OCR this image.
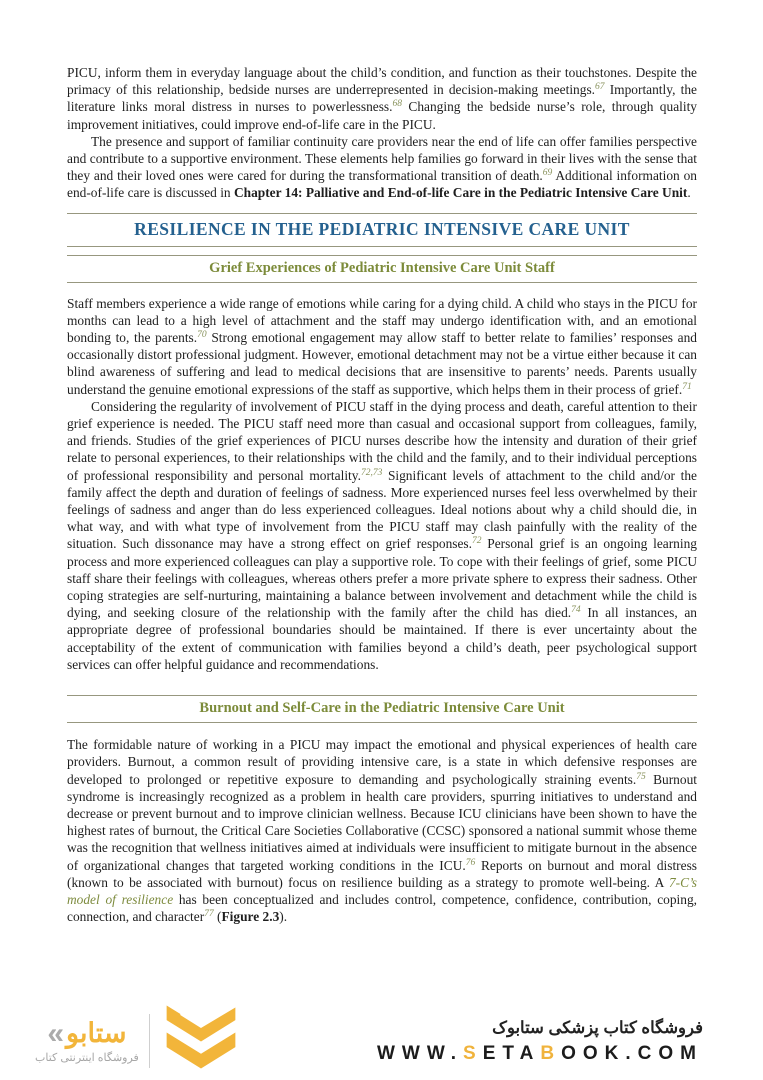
PICU, inform them in everyday language about the child’s condition, and function as their touchstones. Despite the primacy of this relationship, bedside nurses are underrepresented in decision-making meetings.$^{67}$ Importantly, the literature links moral distress in nurses to powerlessness.$^{68}$ Changing the bedside nurse’s role, through quality improvement initiatives, could improve end-of-life care in the PICU.

The presence and support of familiar continuity care providers near the end of life can offer families perspective and contribute to a supportive environment. These elements help families go forward in their lives with the sense that they and their loved ones were cared for during the transformational transition of death.$^{69}$ Additional information on end-of-life care is discussed in Chapter 14: Palliative and End-of-life Care in the Pediatric Intensive Care Unit.

RESILIENCE IN THE PEDIATRIC INTENSIVE CARE UNIT
Grief Experiences of Pediatric Intensive Care Unit Staff

Staff members experience a wide range of emotions while caring for a dying child. A child who stays in the PICU for months can lead to a high level of attachment and the staff may undergo identification with, and an emotional bonding to, the parents.$^{70}$ Strong emotional engagement may allow staff to better relate to families’ responses and occasionally distort professional judgment. However, emotional detachment may not be a virtue either because it can blind awareness of suffering and lead to medical decisions that are insensitive to parents’ needs. Parents usually understand the genuine emotional expressions of the staff as supportive, which helps them in their process of grief.$^{71}$

Considering the regularity of involvement of PICU staff in the dying process and death, careful attention to their grief experience is needed. The PICU staff need more than casual and occasional support from colleagues, family, and friends. Studies of the grief experiences of PICU nurses describe how the intensity and duration of their grief relate to personal experiences, to their relationships with the child and the family, and to their individual perceptions of professional responsibility and personal mortality.$^{72,73}$ Significant levels of attachment to the child and/or the family affect the depth and duration of feelings of sadness. More experienced nurses feel less overwhelmed by their feelings of sadness and anger than do less experienced colleagues. Ideal notions about why a child should die, in what way, and with what type of involvement from the PICU staff may clash painfully with the reality of the situation. Such dissonance may have a strong effect on grief responses.$^{72}$ Personal grief is an ongoing learning process and more experienced colleagues can play a supportive role. To cope with their feelings of grief, some PICU staff share their feelings with colleagues, whereas others prefer a more private sphere to express their sadness. Other coping strategies are self-nurturing, maintaining a balance between involvement and detachment while the child is dying, and seeking closure of the relationship with the family after the child has died.$^{74}$ In all instances, an appropriate degree of professional boundaries should be maintained. If there is ever uncertainty about the acceptability of the extent of communication with families beyond a child’s death, peer psychological support services can offer helpful guidance and recommendations.

Burnout and Self-Care in the Pediatric Intensive Care Unit

The formidable nature of working in a PICU may impact the emotional and physical experiences of health care providers. Burnout, a common result of providing intensive care, is a state in which defensive responses are developed to prolonged or repetitive exposure to demanding and psychologically straining events.$^{75}$ Burnout syndrome is increasingly recognized as a problem in health care providers, spurring initiatives to understand and decrease or prevent burnout and to improve clinician wellness. Because ICU clinicians have been shown to have the highest rates of burnout, the Critical Care Societies Collaborative (CCSC) sponsored a national summit whose theme was the recognition that wellness initiatives aimed at individuals were insufficient to mitigate burnout in the absence of organizational changes that targeted working conditions in the ICU.$^{76}$ Reports on burnout and moral distress (known to be associated with burnout) focus on resilience building as a strategy to promote well-being. A 7-C’s model of resilience has been conceptualized and includes control, competence, confidence, contribution, coping, connection, and character$^{77}$ (Figure 2.3).

« ستابو
فروشگاه اینترنتی کتاب
فروشگاه کتاب پزشکی ستابوک
WWW.SETABOOK.COM
